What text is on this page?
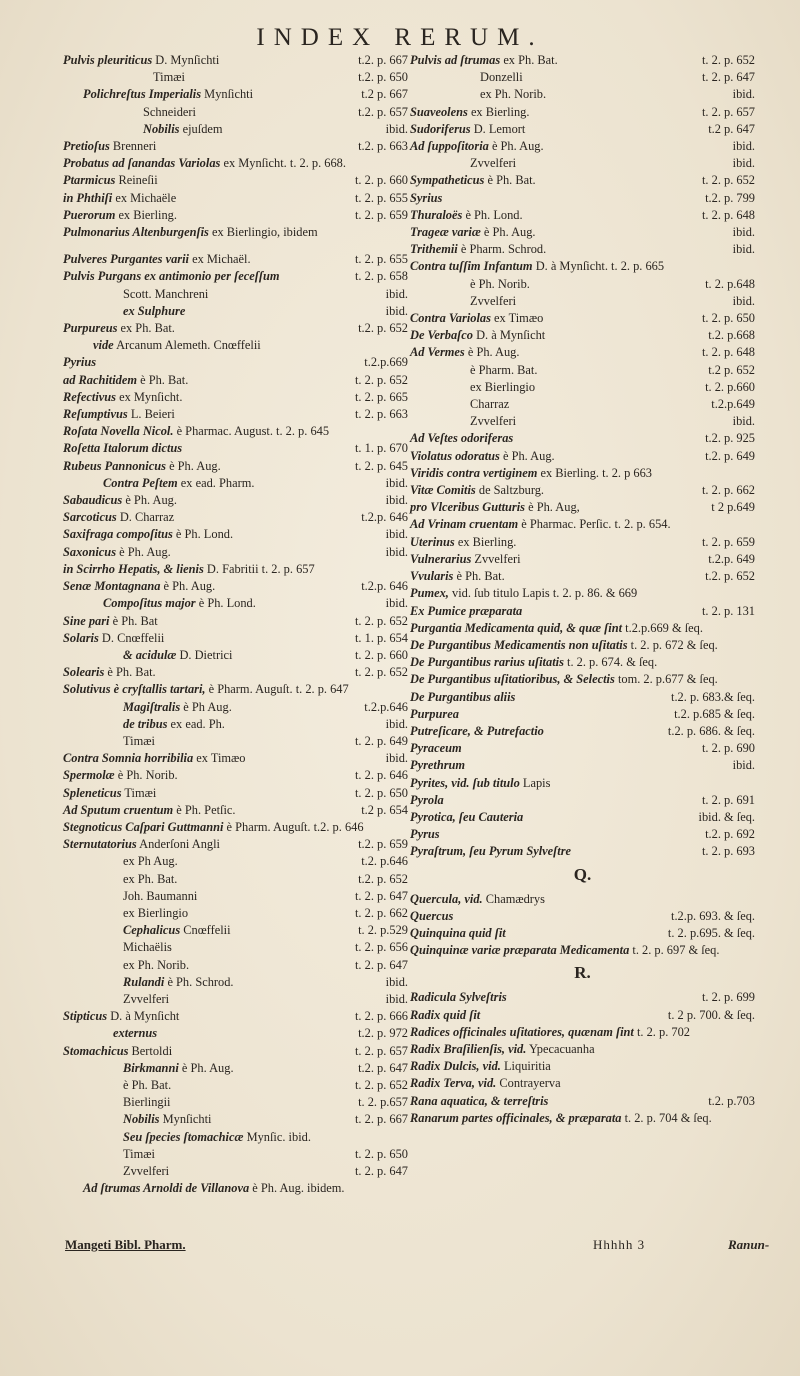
INDEX RERUM.
Pulvis pleuriticus D. Mynſichti	t.2. p. 667
Timæi	t.2. p. 650
Polichreſtus Imperialis Mynſichti	t.2 p. 667
Schneideri	t.2. p. 657
Nobilis ejuſdem	ibid.
Pretioſus Brenneri	t.2. p. 663
Probatus ad ſanandas Variolas ex Mynſicht. t. 2. p. 668.
Ptarmicus Reineſii	t. 2. p. 660
in Phthiſi ex Michaële	t. 2. p. 655
Puerorum ex Bierling.	t. 2. p. 659
Pulmonarius Altenburgenſis ex Bierlingio, ibidem
Pulveres Purgantes varii ex Michaël.	t. 2. p. 655
Pulvis Purgans ex antimonio per ſeceſſum	t. 2. p. 658
Scott. Manchreni	ibid.
ex Sulphure	ibid.
Purpureus ex Ph. Bat.	t.2. p. 652
vide Arcanum Alemeth. Cnœffelii
Pyrius	t.2.p.669
ad Rachitidem è Ph. Bat.	t. 2. p. 652
Refectivus ex Mynſicht.	t. 2. p. 665
Reſumptivus L. Beieri	t. 2. p. 663
Roſata Novella Nicol. è Pharmac. August. t. 2. p. 645
Roſetta Italorum dictus	t. 1. p. 670
Rubeus Pannonicus è Ph. Aug.	t. 2. p. 645
Contra Peſtem ex ead. Pharm.	ibid.
Sabaudicus è Ph. Aug.	ibid.
Sarcoticus D. Charraz	t.2.p. 646
Saxifraga compoſitus è Ph. Lond.	ibid.
Saxonicus è Ph. Aug.	ibid.
in Scirrho Hepatis, & lienis D. Fabritii t. 2. p. 657
Senæ Montagnana è Ph. Aug.	t.2.p. 646
Compoſitus major è Ph. Lond.	ibid.
Sine pari è Ph. Bat	t. 2. p. 652
Solaris D. Cnœffelii	t. 1. p. 654
& acidulæ D. Dietrici	t. 2. p. 660
Solearis è Ph. Bat.	t. 2. p. 652
Solutivus è cryſtallis tartari, è Pharm. Auguſt. t. 2. p. 647
Magiſtralis è Ph Aug.	t.2.p.646
de tribus ex ead. Ph.	ibid.
Timæi	t. 2. p. 649
Contra Somnia horribilia ex Timæo	ibid.
Spermolæ è Ph. Norib.	t. 2. p. 646
Spleneticus Timæi	t. 2. p. 650
Ad Sputum cruentum è Ph. Petſic.	t.2 p. 654
Stegnoticus Caſpari Guttmanni è Pharm. Auguſt. t.2. p. 646
Sternutatorius Anderſoni Angli	t.2. p. 659
ex Ph Aug.	t.2. p.646
ex Ph. Bat.	t.2. p. 652
Joh. Baumanni	t. 2. p. 647
ex Bierlingio	t. 2. p. 662
Cephalicus Cnœffelii	t. 2. p.529
Michaëlis	t. 2. p. 656
ex Ph. Norib.	t. 2. p. 647
Rulandi è Ph. Schrod.	ibid.
Zvvelferi	ibid.
Stipticus D. à Mynſicht	t. 2. p. 666
externus	t.2. p. 972
Stomachicus Bertoldi	t. 2. p. 657
Birkmanni è Ph. Aug.	t.2. p. 647
è Ph. Bat.	t. 2. p. 652
Bierlingii	t. 2. p.657
Nobilis Mynſichti	t. 2. p. 667
Seu ſpecies ſtomachicæ Mynſic. ibid.
Timæi	t. 2. p. 650
Zvvelferi	t. 2. p. 647
Ad ſtrumas Arnoldi de Villanova è Ph. Aug. ibidem.
Pulvis ad ſtrumas ex Ph. Bat.	t. 2. p. 652
Donzelli	t. 2. p. 647
ex Ph. Norib.	ibid.
Suaveolens ex Bierling.	t. 2. p. 657
Sudoriferus D. Lemort	t.2 p. 647
Ad ſuppoſitoria è Ph. Aug.	ibid.
Zvvelferi	ibid.
Sympatheticus è Ph. Bat.	t. 2. p. 652
Syrius	t.2. p. 799
Thuraloës è Ph. Lond.	t. 2. p. 648
Trageæ variæ è Ph. Aug.	ibid.
Trithemii è Pharm. Schrod.	ibid.
Contra tuſſim Infantum D. à Mynſicht. t. 2. p. 665
è Ph. Norib.	t. 2. p.648
Zvvelferi	ibid.
Contra Variolas ex Timæo	t. 2. p. 650
De Verbaſco D. à Mynſicht	t.2. p.668
Ad Vermes è Ph. Aug.	t. 2. p. 648
è Pharm. Bat.	t.2 p. 652
ex Bierlingio	t. 2. p.660
Charraz	t.2.p.649
Zvvelferi	ibid.
Ad Veſtes odoriferas	t.2. p. 925
Violatus odoratus è Ph. Aug.	t.2. p. 649
Viridis contra vertiginem ex Bierling. t. 2. p 663
Vitæ Comitis de Saltzburg.	t. 2. p. 662
pro Vlceribus Gutturis è Ph. Aug,	t 2 p.649
Ad Vrinam cruentam è Pharmac. Perſic. t. 2. p. 654.
Uterinus ex Bierling.	t. 2. p. 659
Vulnerarius Zvvelferi	t.2.p. 649
Vvularis è Ph. Bat.	t.2. p. 652
Pumex, vid. ſub titulo Lapis t. 2. p. 86. & 669
Ex Pumice præparata	t. 2. p. 131
Purgantia Medicamenta quid, & quæ ſint t.2.p.669 & ſeq.
De Purgantibus Medicamentis non uſitatis t. 2. p. 672 & ſeq.
De Purgantibus rarius uſitatis t. 2. p. 674. & ſeq.
De Purgantibus uſitatioribus, & Selectis tom. 2. p.677 & ſeq.
De Purgantibus aliis	t.2. p. 683.& ſeq.
Purpurea	t.2. p.685 & ſeq.
Putreſicare, & Putrefactio	t.2. p. 686. & ſeq.
Pyraceum	t. 2. p. 690
Pyrethrum	ibid.
Pyrites, vid. ſub titulo Lapis
Pyrola	t. 2. p. 691
Pyrotica, ſeu Cauteria	ibid. & ſeq.
Pyrus	t.2. p. 692
Pyraſtrum, ſeu Pyrum Sylveſtre	t. 2. p. 693
Q.
Quercula, vid. Chamædrys
Quercus	t.2.p. 693. & ſeq.
Quinquina quid ſit	t. 2. p.695. & ſeq.
Quinquinæ variæ præparata Medicamenta t. 2. p. 697 & ſeq.
R.
Radicula Sylveſtris	t. 2. p. 699
Radix quid ſit	t. 2 p. 700. & ſeq.
Radices officinales uſitatiores, quænam ſint t. 2. p. 702
Radix Braſilienſis, vid. Ypecacuanha
Radix Dulcis, vid. Liquiritia
Radix Terva, vid. Contrayerva
Rana aquatica, & terreſtris	t.2. p.703
Ranarum partes officinales, & præparata t. 2. p. 704 & ſeq.
Mangeti Bibl. Pharm.	Hhhhh 3	Ranun-
